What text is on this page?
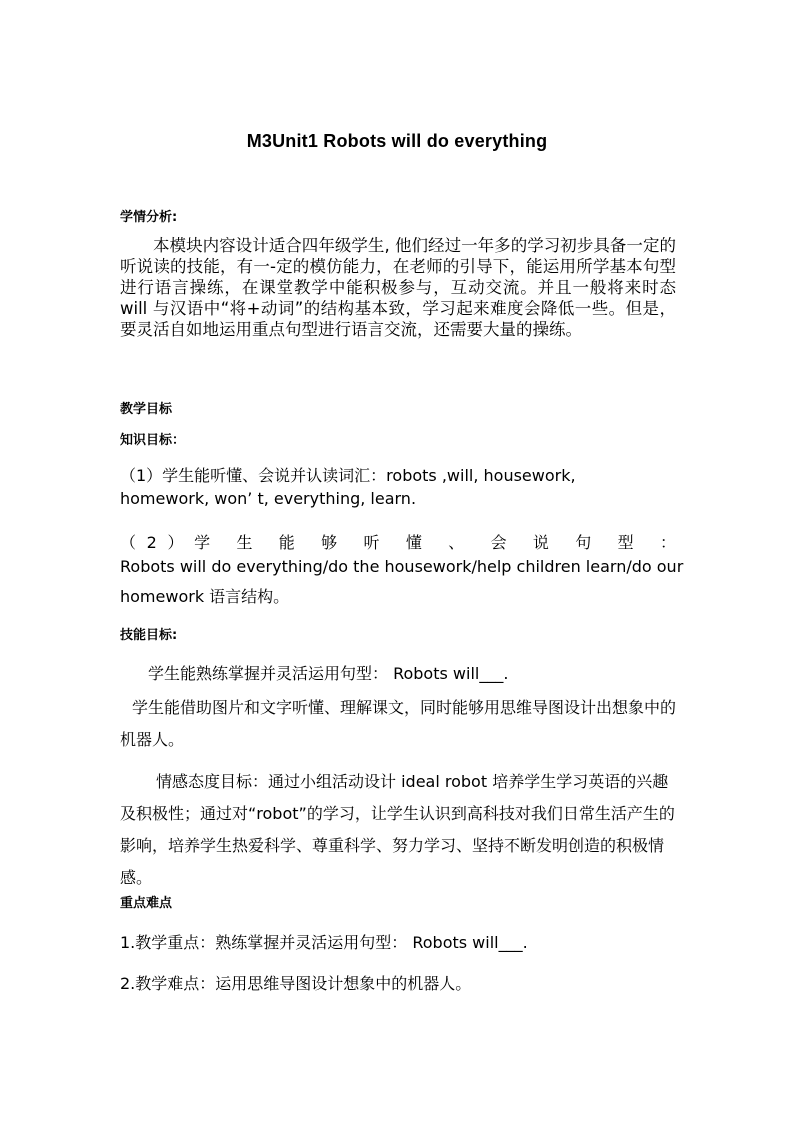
M3Unit1 Robots will do everything
学情分析:
本模块内容设计适合四年级学生, 他们经过一年多的学习初步具备一定的听说读的技能，有一-定的模仿能力，在老师的引导下，能运用所学基本句型进行语言操练，在课堂教学中能积极参与，互动交流。并且一般将来时态 will 与汉语中“将+动词”的结构基本致，学习起来难度会降低一些。但是，要灵活自如地运用重点句型进行语言交流，还需要大量的操练。
教学目标
知识目标：
（1）学生能听懂、会说并认读词汇：robots ,will, housework,
homework, won’ t, everything, learn.
（2）学 生 能 够 听 懂 、 会 说 句 型 ：
Robots will do everything/do the housework/help children learn/do our
homework 语言结构。
技能目标:
学生能熟练掌握并灵活运用句型： Robots will___.
学生能借助图片和文字听懂、理解课文，同时能够用思维导图设计出想象中的机器人。
情感态度目标：通过小组活动设计 ideal robot 培养学生学习英语的兴趣及积极性；通过对“robot”的学习，让学生认识到高科技对我们日常生活产生的影响，培养学生热爱科学、尊重科学、努力学习、坚持不断发明创造的积极情感。
重点难点
1.教学重点：熟练掌握并灵活运用句型： Robots will___.
2.教学难点：运用思维导图设计想象中的机器人。
